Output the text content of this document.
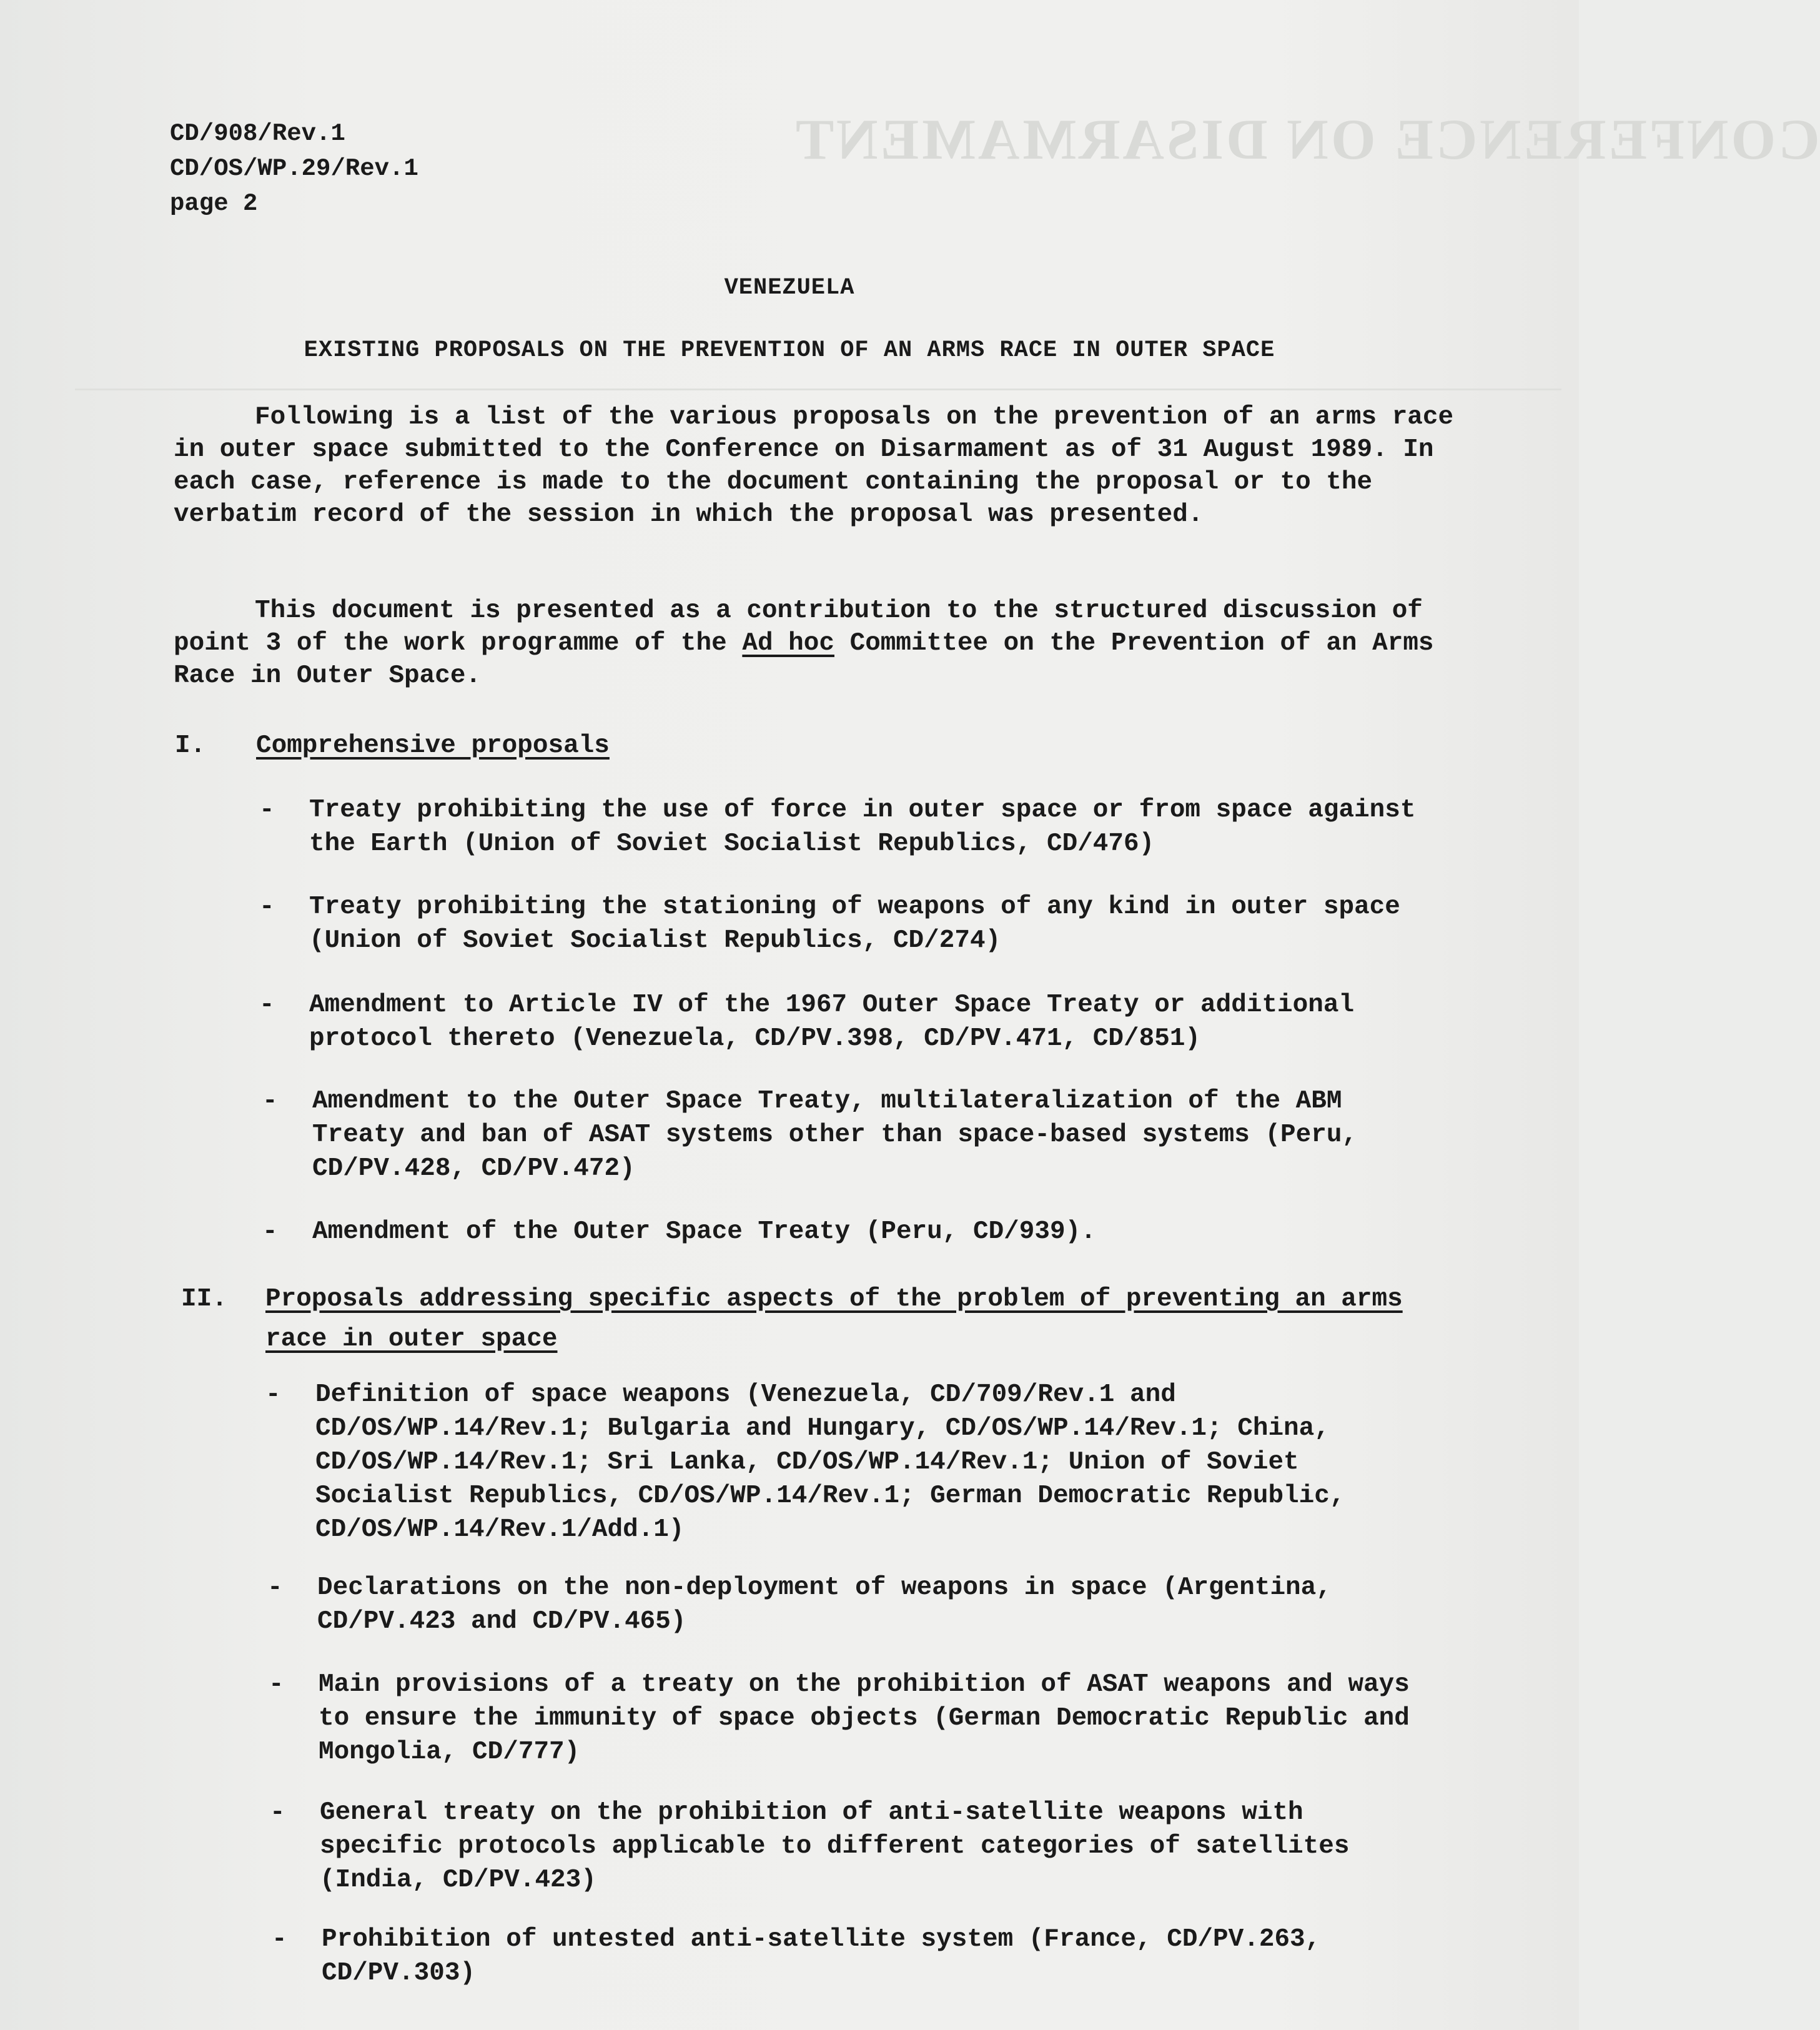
CONFERENCE ON DISARMAMENT
CD/908/Rev.1
CD/OS/WP.29/Rev.1
page 2
VENEZUELA
EXISTING PROPOSALS ON THE PREVENTION OF AN ARMS RACE IN OUTER SPACE
Following is a list of the various proposals on the prevention of an arms race in outer space submitted to the Conference on Disarmament as of 31 August 1989. In each case, reference is made to the document containing the proposal or to the verbatim record of the session in which the proposal was presented.
This document is presented as a contribution to the structured discussion of point 3 of the work programme of the Ad hoc Committee on the Prevention of an Arms Race in Outer Space.
I. Comprehensive proposals
- Treaty prohibiting the use of force in outer space or from space against the Earth (Union of Soviet Socialist Republics, CD/476)
- Treaty prohibiting the stationing of weapons of any kind in outer space (Union of Soviet Socialist Republics, CD/274)
- Amendment to Article IV of the 1967 Outer Space Treaty or additional protocol thereto (Venezuela, CD/PV.398, CD/PV.471, CD/851)
- Amendment to the Outer Space Treaty, multilateralization of the ABM Treaty and ban of ASAT systems other than space-based systems (Peru, CD/PV.428, CD/PV.472)
- Amendment of the Outer Space Treaty (Peru, CD/939).
II. Proposals addressing specific aspects of the problem of preventing an arms race in outer space
- Definition of space weapons (Venezuela, CD/709/Rev.1 and CD/OS/WP.14/Rev.1; Bulgaria and Hungary, CD/OS/WP.14/Rev.1; China, CD/OS/WP.14/Rev.1; Sri Lanka, CD/OS/WP.14/Rev.1; Union of Soviet Socialist Republics, CD/OS/WP.14/Rev.1; German Democratic Republic, CD/OS/WP.14/Rev.1/Add.1)
- Declarations on the non-deployment of weapons in space (Argentina, CD/PV.423 and CD/PV.465)
- Main provisions of a treaty on the prohibition of ASAT weapons and ways to ensure the immunity of space objects (German Democratic Republic and Mongolia, CD/777)
- General treaty on the prohibition of anti-satellite weapons with specific protocols applicable to different categories of satellites (India, CD/PV.423)
- Prohibition of untested anti-satellite system (France, CD/PV.263, CD/PV.303)
